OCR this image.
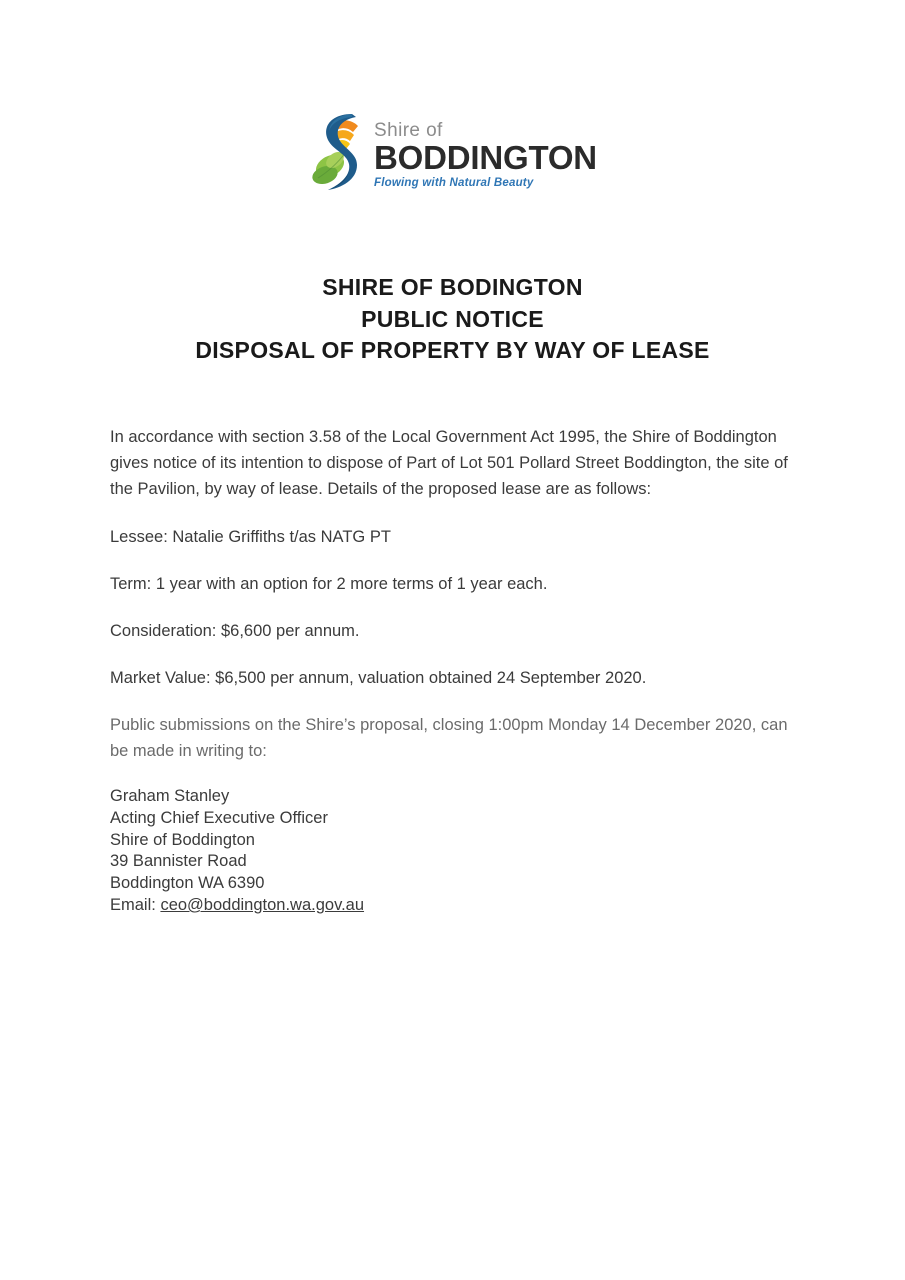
Shire of
BODDINGTON
Flowing with Natural Beauty
SHIRE OF BODINGTON
PUBLIC NOTICE
DISPOSAL OF PROPERTY BY WAY OF LEASE

In accordance with section 3.58 of the Local Government Act 1995, the Shire of Boddington gives notice of its intention to dispose of Part of Lot 501 Pollard Street Boddington, the site of the Pavilion, by way of lease. Details of the proposed lease are as follows:

Lessee: Natalie Griffiths t/as NATG PT

Term: 1 year with an option for 2 more terms of 1 year each.

Consideration: $6,600 per annum.

Market Value: $6,500 per annum, valuation obtained 24 September 2020.

Public submissions on the Shire’s proposal, closing 1:00pm Monday 14 December 2020, can be made in writing to:

Graham Stanley
Acting Chief Executive Officer
Shire of Boddington
39 Bannister Road
Boddington WA 6390
Email: ceo@boddington.wa.gov.au
